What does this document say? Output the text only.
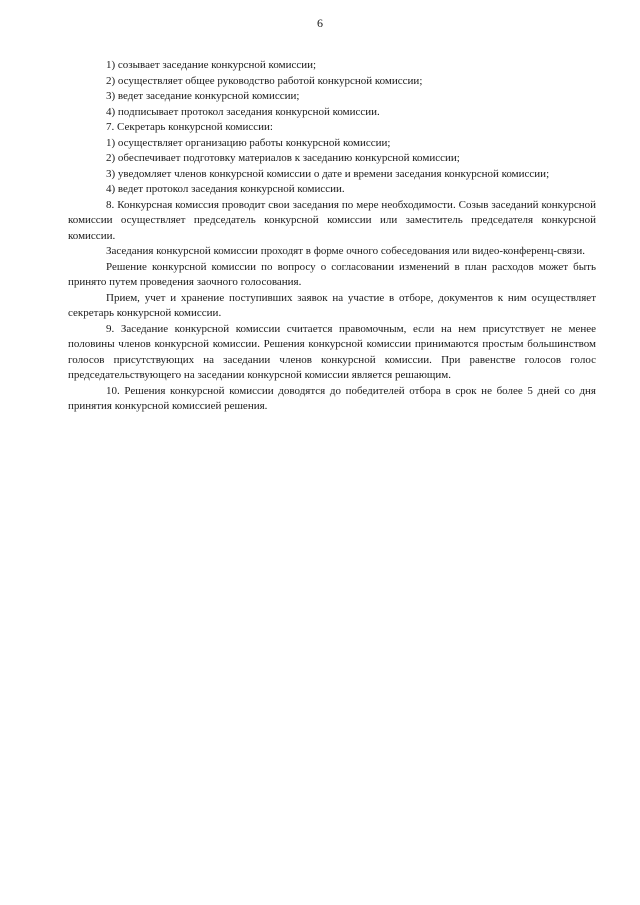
6

1) созывает заседание конкурсной комиссии;

2) осуществляет общее руководство работой конкурсной комиссии;

3) ведет заседание конкурсной комиссии;

4) подписывает протокол заседания конкурсной комиссии.

7. Секретарь конкурсной комиссии:

1) осуществляет организацию работы конкурсной комиссии;

2) обеспечивает подготовку материалов к заседанию конкурсной комиссии;

3) уведомляет членов конкурсной комиссии о дате и времени заседания конкурсной комиссии;

4) ведет протокол заседания конкурсной комиссии.

8. Конкурсная комиссия проводит свои заседания по мере необходимости. Созыв заседаний конкурсной комиссии осуществляет председатель конкурсной комиссии или заместитель председателя конкурсной комиссии.

Заседания конкурсной комиссии проходят в форме очного собеседования или видео-конференц-связи.

Решение конкурсной комиссии по вопросу о согласовании изменений в план расходов может быть принято путем проведения заочного голосования.

Прием, учет и хранение поступивших заявок на участие в отборе, документов к ним осуществляет секретарь конкурсной комиссии.

9. Заседание конкурсной комиссии считается правомочным, если на нем присутствует не менее половины членов конкурсной комиссии. Решения конкурсной комиссии принимаются простым большинством голосов присутствующих на заседании членов конкурсной комиссии. При равенстве голосов голос председательствующего на заседании конкурсной комиссии является решающим.

10. Решения конкурсной комиссии доводятся до победителей отбора в срок не более 5 дней со дня принятия конкурсной комиссией решения.
